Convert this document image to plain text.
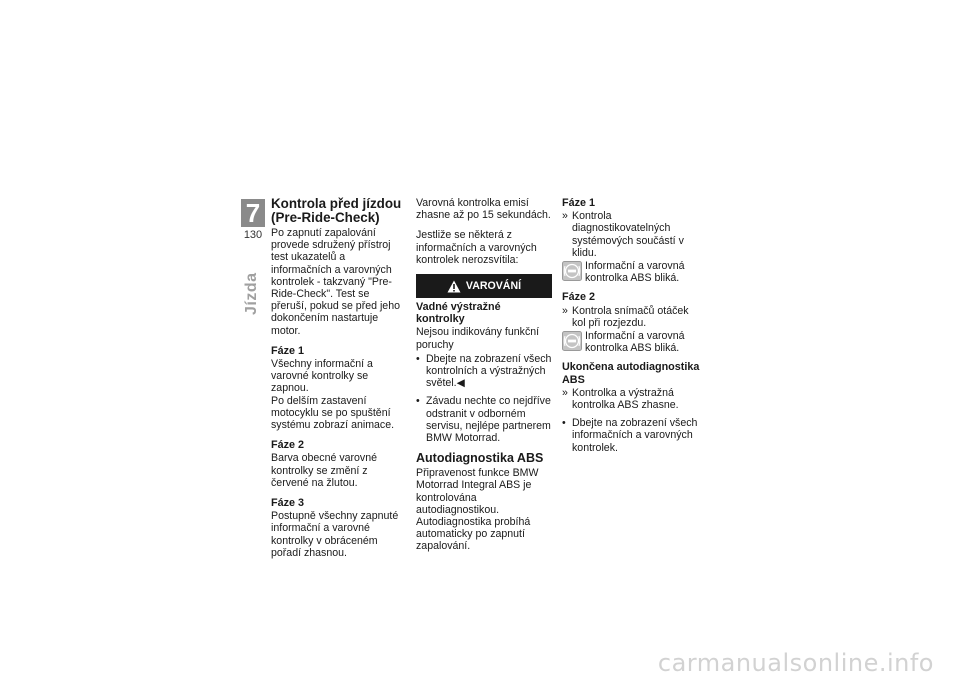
7
130
Jízda
Kontrola před jízdou (Pre-Ride-Check)

Po zapnutí zapalování provede sdružený přístroj test ukazatelů a informačních a varovných kontrolek - takzvaný "Pre-Ride-Check". Test se přeruší, pokud se před jeho dokončením nastartuje motor.

Fáze 1

Všechny informační a varovné kontrolky se zapnou.

Po delším zastavení motocyklu se po spuštění systému zobrazí animace.

Fáze 2

Barva obecné varovné kontrolky se změní z červené na žlutou.

Fáze 3

Postupně všechny zapnuté informační a varovné kontrolky v obráceném pořadí zhasnou.

Varovná kontrolka emisí zhasne až po 15 sekundách.

Jestliže se některá z informačních a varovných kontrolek nerozsvítila:

VAROVÁNÍ
Vadné výstražné kontrolky

Nejsou indikovány funkční poruchy

• Dbejte na zobrazení všech kontrolních a výstražných světel.◀
• Závadu nechte co nejdříve odstranit v odborném servisu, nejlépe partnerem BMW Motorrad.
Autodiagnostika ABS

Připravenost funkce BMW Motorrad Integral ABS je kontrolována autodiagnostikou. Autodiagnostika probíhá automaticky po zapnutí zapalování.

Fáze 1
» Kontrola diagnostikovatelných systémových součástí v klidu.
Informační a varovná kontrolka ABS bliká.
Fáze 2
» Kontrola snímačů otáček kol při rozjezdu.
Informační a varovná kontrolka ABS bliká.
Ukončena autodiagnostika ABS
» Kontrolka a výstražná kontrolka ABS zhasne.
• Dbejte na zobrazení všech informačních a varovných kontrolek.
carmanualsonline.info
